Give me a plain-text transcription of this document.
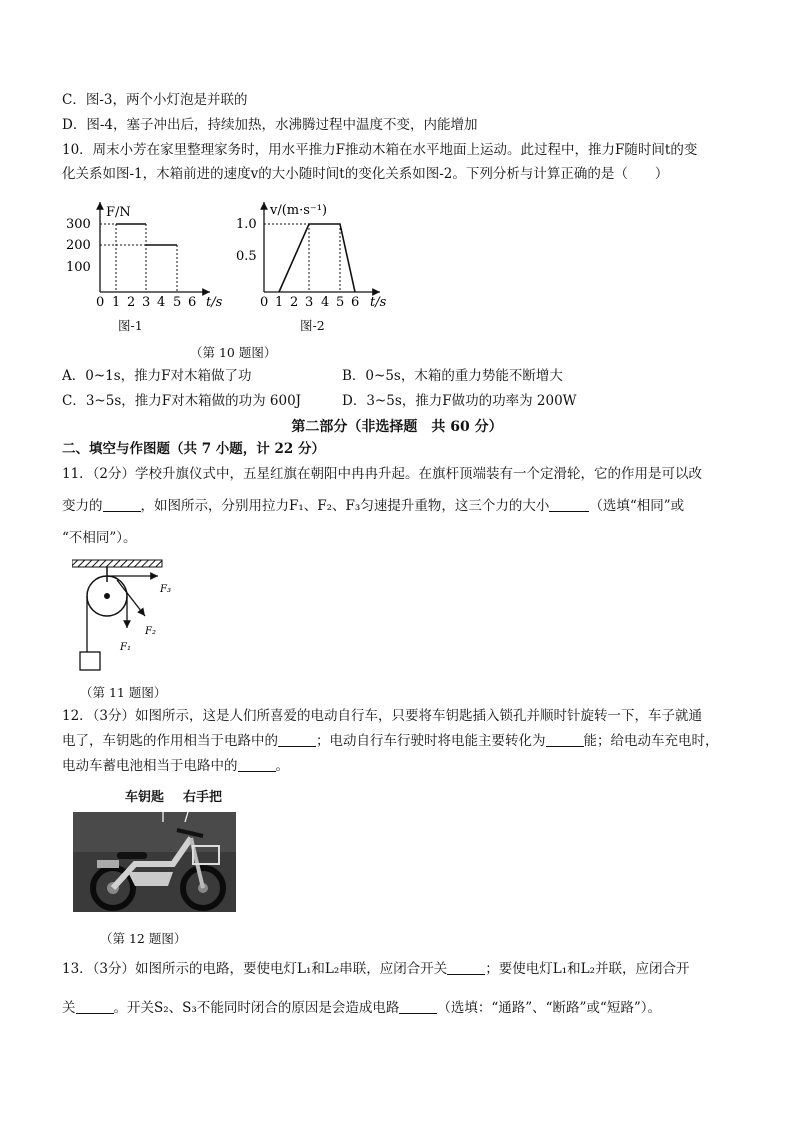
C．图-3，两个小灯泡是并联的
D．图-4，塞子冲出后，持续加热，水沸腾过程中温度不变，内能增加
10．周末小芳在家里整理家务时，用水平推力F推动木箱在水平地面上运动。此过程中，推力F随时间t的变
化关系如图-1，木箱前进的速度v的大小随时间t的变化关系如图-2。下列分析与计算正确的是（　　）
F/N
300
200
100
0 1 2 3 4 5 6 t/s
v/(m·s⁻¹)
1.0
0.5
0 1 2 3 4 5 6 t/s
图-1	图-2
（第 10 题图）
A．0~1s，推力F对木箱做了功	B．0~5s，木箱的重力势能不断增大
C．3~5s，推力F对木箱做的功为 600J	D．3~5s，推力F做功的功率为 200W
第二部分（非选择题　共 60 分）
二、填空与作图题（共 7 小题，计 22 分）
11．（2分）学校升旗仪式中，五星红旗在朝阳中冉冉升起。在旗杆顶端装有一个定滑轮，它的作用是可以改
变力的	，如图所示，分别用拉力F₁、F₂、F₃匀速提升重物，这三个力的大小	（选填“相同”或
“不相同”）。
F₃
F₂
F₁
（第 11 题图）
12．（3分）如图所示，这是人们所喜爱的电动自行车，只要将车钥匙插入锁孔并顺时针旋转一下，车子就通
电了，车钥匙的作用相当于电路中的	；电动自行车行驶时将电能主要转化为	能；给电动车充电时，
电动车蓄电池相当于电路中的	。
车钥匙 右手把
（第 12 题图）
13．（3分）如图所示的电路，要使电灯L₁和L₂串联，应闭合开关	；要使电灯L₁和L₂并联，应闭合开
关	。开关S₂、S₃不能同时闭合的原因是会造成电路	（选填：“通路”、“断路”或“短路”）。
